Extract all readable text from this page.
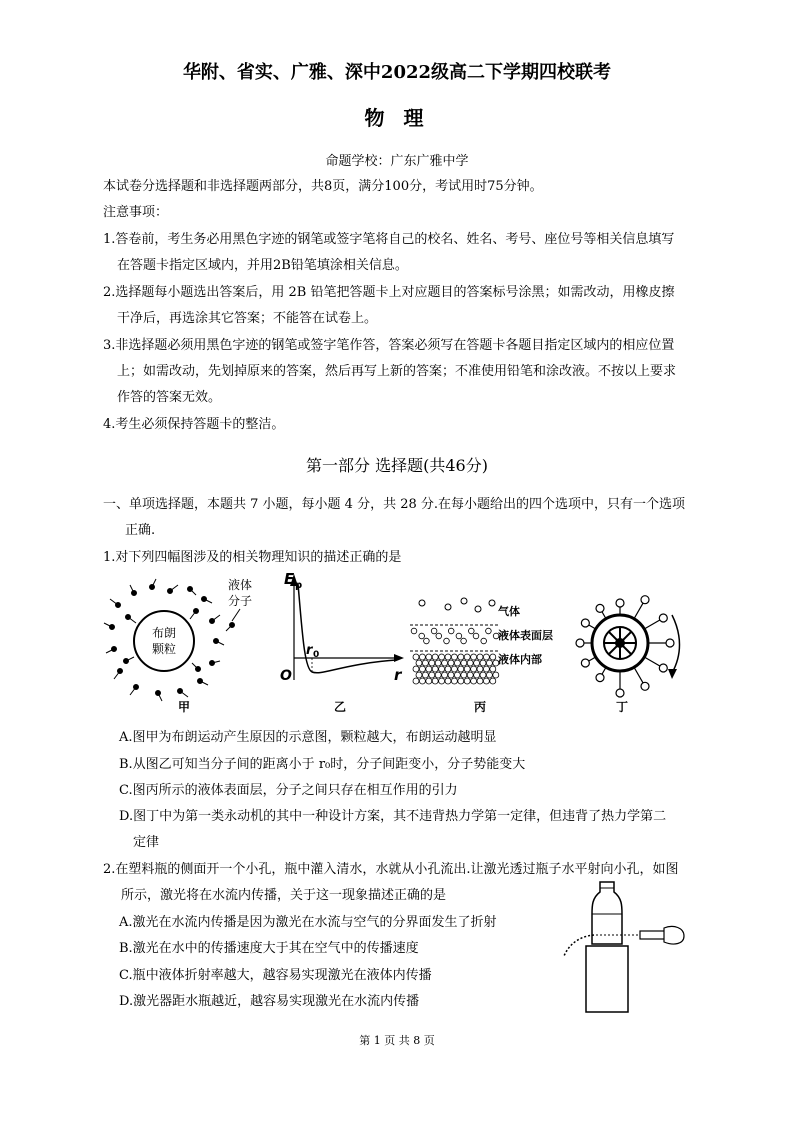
华附、省实、广雅、深中2022级高二下学期四校联考
物 理
命题学校：广东广雅中学
本试卷分选择题和非选择题两部分，共8页，满分100分，考试用时75分钟。
注意事项：
1.答卷前，考生务必用黑色字迹的钢笔或签字笔将自己的校名、姓名、考号、座位号等相关信息填写
在答题卡指定区域内，并用2B铅笔填涂相关信息。
2.选择题每小题选出答案后，用 2B 铅笔把答题卡上对应题目的答案标号涂黑；如需改动，用橡皮擦
干净后，再选涂其它答案；不能答在试卷上。
3.非选择题必须用黑色字迹的钢笔或签字笔作答，答案必须写在答题卡各题目指定区域内的相应位置
上；如需改动，先划掉原来的答案，然后再写上新的答案；不准使用铅笔和涂改液。不按以上要求
作答的答案无效。
4.考生必须保持答题卡的整洁。
第一部分 选择题(共46分)
一、单项选择题，本题共 7 小题，每小题 4 分，共 28 分.在每小题给出的四个选项中，只有一个选项
正确.
1.对下列四幅图涉及的相关物理知识的描述正确的是
布朗
颗粒
液体
分子
甲
E p
r 0
O	r
乙
气体
液体表面层
液体内部
丙	丁
A.图甲为布朗运动产生原因的示意图，颗粒越大，布朗运动越明显
B.从图乙可知当分子间的距离小于 r₀时，分子间距变小，分子势能变大
C.图丙所示的液体表面层，分子之间只存在相互作用的引力
D.图丁中为第一类永动机的其中一种设计方案，其不违背热力学第一定律，但违背了热力学第二
定律
2.在塑料瓶的侧面开一个小孔，瓶中灌入清水，水就从小孔流出.让激光透过瓶子水平射向小孔，如图
所示，激光将在水流内传播，关于这一现象描述正确的是
A.激光在水流内传播是因为激光在水流与空气的分界面发生了折射
B.激光在水中的传播速度大于其在空气中的传播速度
C.瓶中液体折射率越大，越容易实现激光在液体内传播
D.激光器距水瓶越近，越容易实现激光在水流内传播
第 1 页 共 8 页
